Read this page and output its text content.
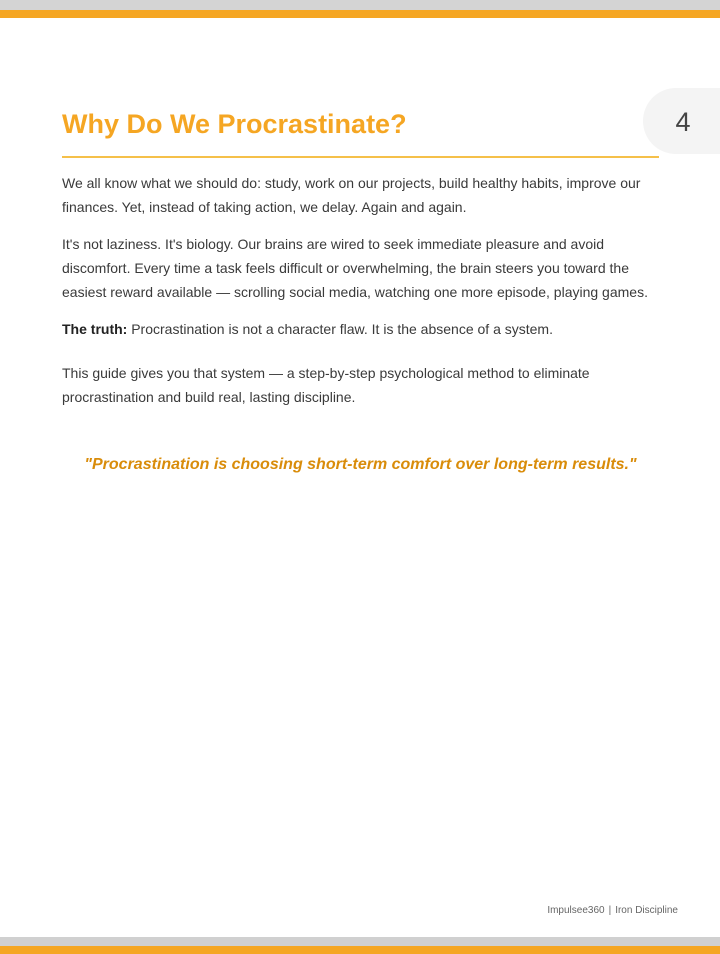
4
Why Do We Procrastinate?

We all know what we should do: study, work on our projects, build healthy habits, improve our finances. Yet, instead of taking action, we delay. Again and again.

It's not laziness. It's biology. Our brains are wired to seek immediate pleasure and avoid discomfort. Every time a task feels difficult or overwhelming, the brain steers you toward the easiest reward available — scrolling social media, watching one more episode, playing games.

The truth: Procrastination is not a character flaw. It is the absence of a system.

This guide gives you that system — a step-by-step psychological method to eliminate procrastination and build real, lasting discipline.

"Procrastination is choosing short-term comfort over long-term results."

Impulsee360 | Iron Discipline
